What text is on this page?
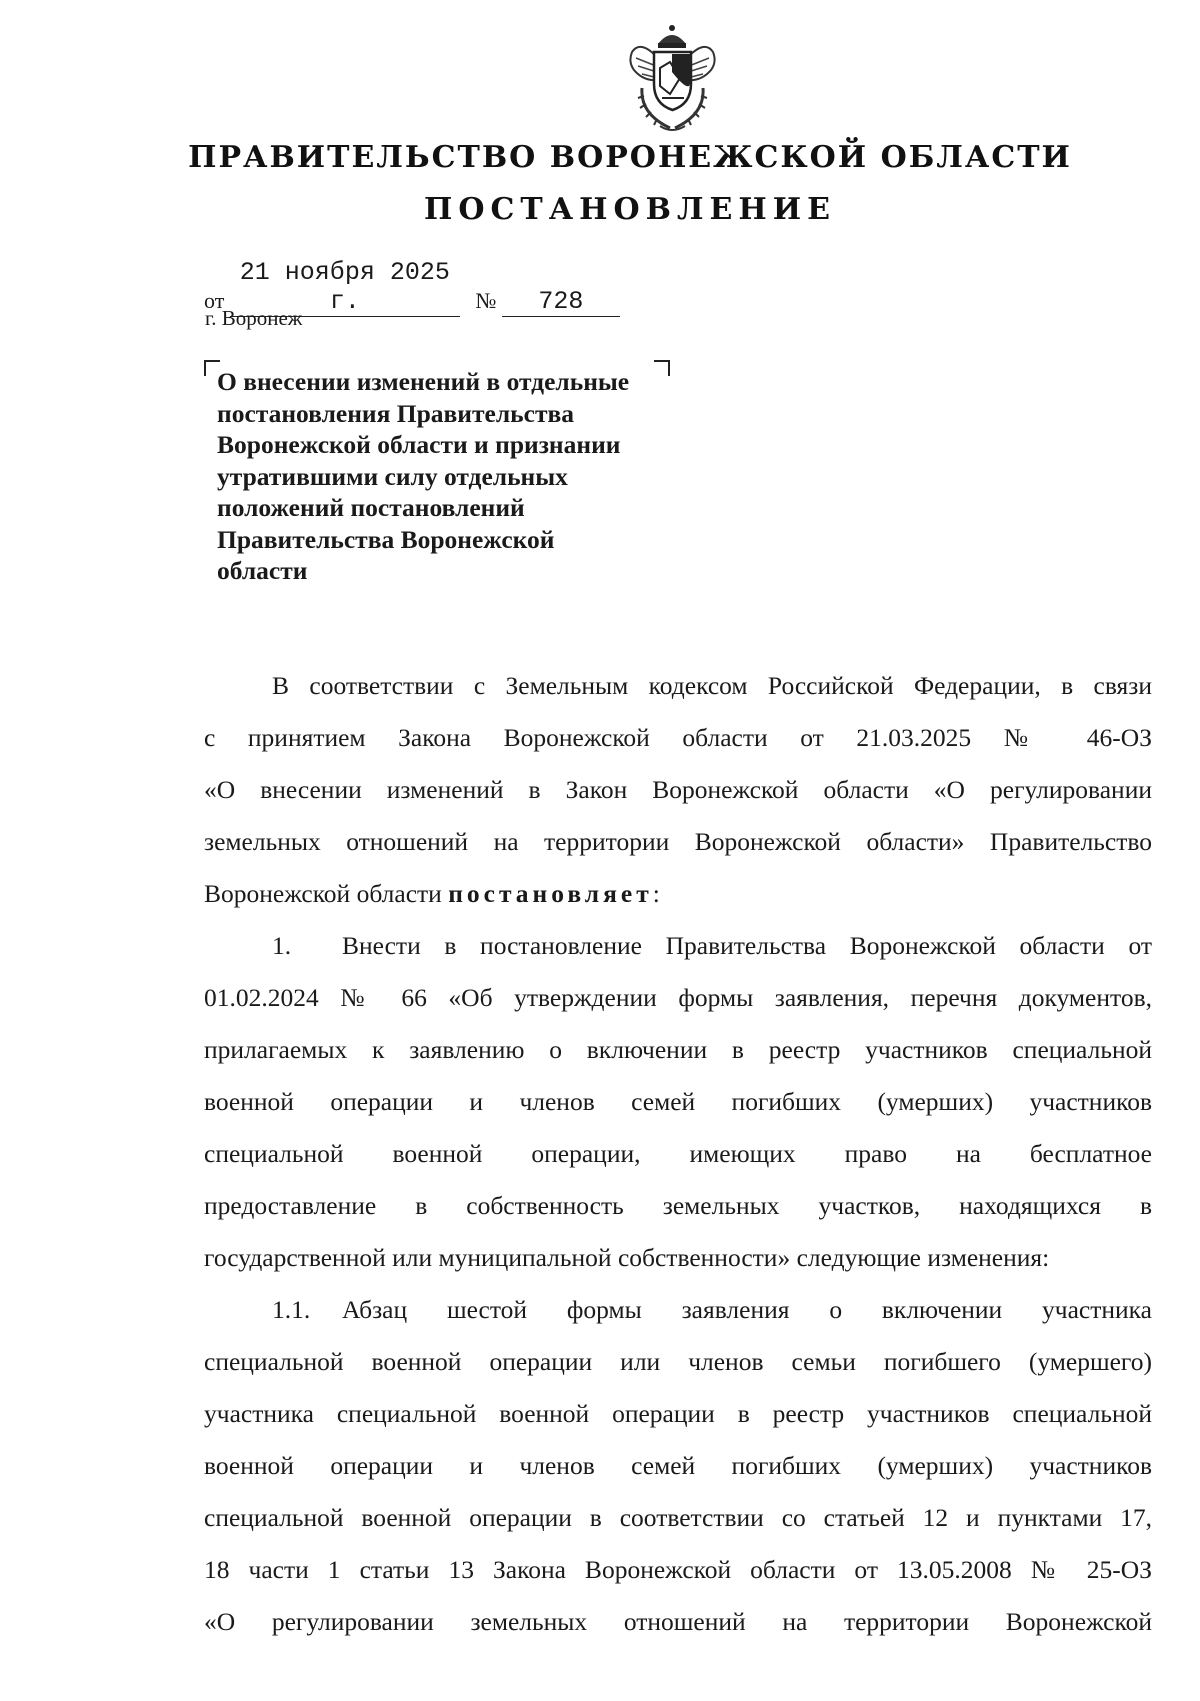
ПРАВИТЕЛЬСТВО ВОРОНЕЖСКОЙ ОБЛАСТИ
ПОСТАНОВЛЕНИЕ
от 21 ноября 2025 г.	№ 728
г. Воронеж
О внесении изменений в отдельные
постановления Правительства
Воронежской области и признании
утратившими силу отдельных
положений постановлений
Правительства Воронежской
области
В соответствии с Земельным кодексом Российской Федерации, в связи
с принятием Закона Воронежской области от 21.03.2025 № 46-ОЗ
«О внесении изменений в Закон Воронежской области «О регулировании
земельных отношений на территории Воронежской области» Правительство
Воронежской области постановляет:
1. Внести в постановление Правительства Воронежской области от
01.02.2024 № 66 «Об утверждении формы заявления, перечня документов,
прилагаемых к заявлению о включении в реестр участников специальной
военной операции и членов семей погибших (умерших) участников
специальной военной операции, имеющих право на бесплатное
предоставление в собственность земельных участков, находящихся в
государственной или муниципальной собственности» следующие изменения:
1.1. Абзац шестой формы заявления о включении участника
специальной военной операции или членов семьи погибшего (умершего)
участника специальной военной операции в реестр участников специальной
военной операции и членов семей погибших (умерших) участников
специальной военной операции в соответствии со статьей 12 и пунктами 17,
18 части 1 статьи 13 Закона Воронежской области от 13.05.2008 № 25-ОЗ
«О регулировании земельных отношений на территории Воронежской
